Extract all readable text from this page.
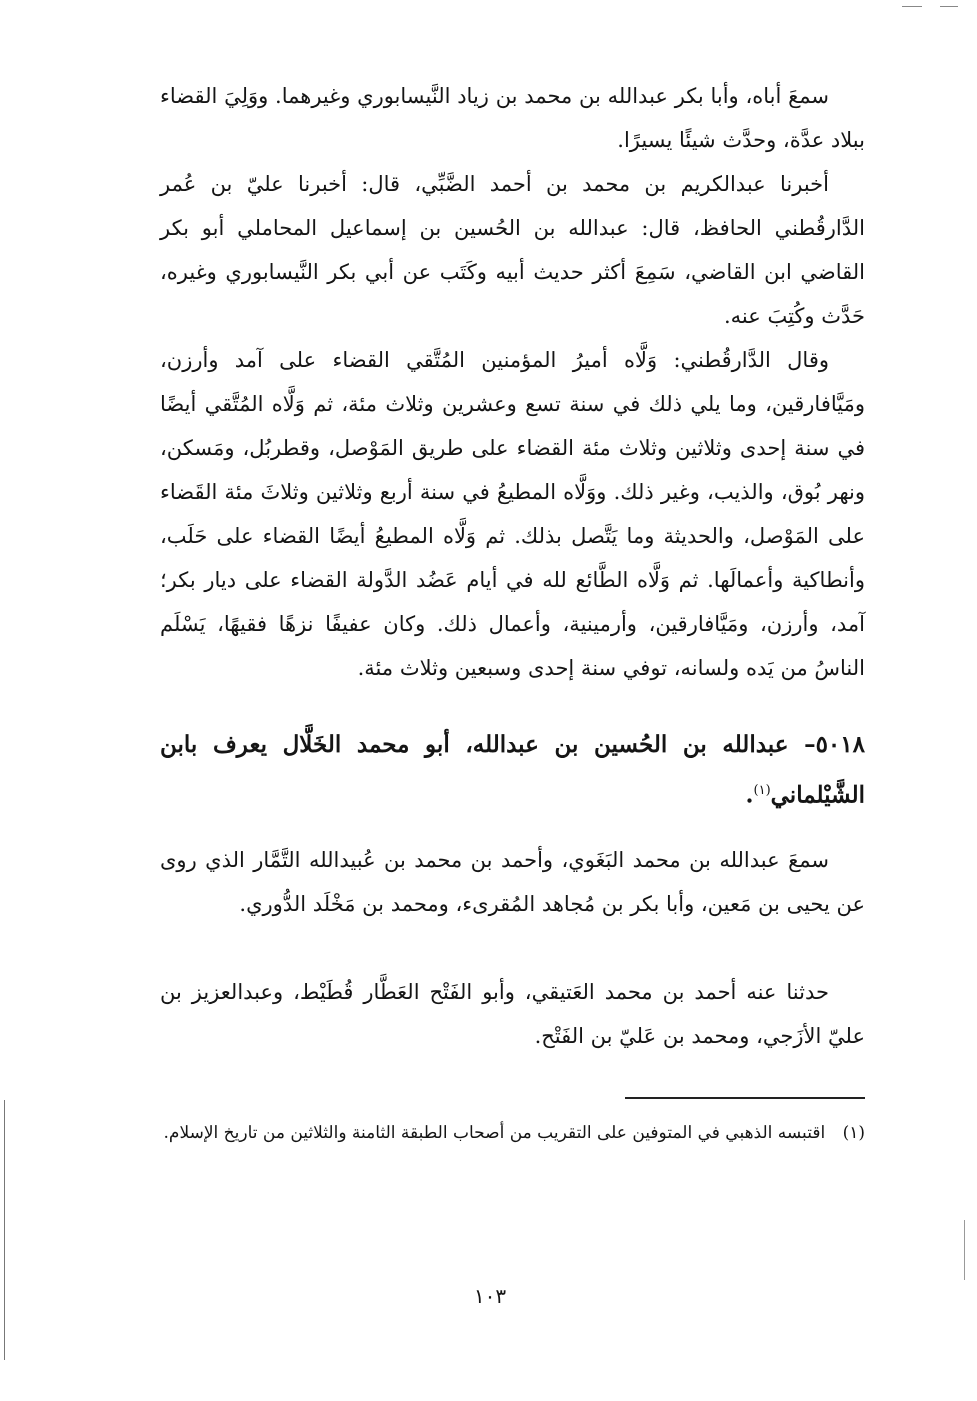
سمعَ أباه، وأبا بكر عبدالله بن محمد بن زياد النَّيسابوري وغيرهما. ووَلِيَ القضاء ببلاد عدَّة، وحدَّث شيئًا يسيرًا.

أخبرنا عبدالكريم بن محمد بن أحمد الضَّبِّي، قال: أخبرنا عليّ بن عُمر الدَّارقُطني الحافظ، قال: عبدالله بن الحُسين بن إسماعيل المحاملي أبو بكر القاضي ابن القاضي، سَمِعَ أكثر حديث أبيه وكَتَب عن أبي بكر النَّيسابوري وغيره، حَدَّث وكُتِبَ عنه.

وقال الدَّارقُطني: وَلَّاه أميرُ المؤمنين المُتَّقي القضاء على آمد وأرزن، ومَيَّافارقين، وما يلي ذلك في سنة تسع وعشرين وثلاث مئة، ثم وَلَّاه المُتَّقي أيضًا في سنة إحدى وثلاثين وثلاث مئة القضاء على طريق المَوْصل، وقطربُل، ومَسكن، ونهر بُوق، والذيب، وغير ذلك. ووَلَّاه المطيعُ في سنة أربع وثلاثين وثلاثَ مئة القَضاء على المَوْصل، والحديثة وما يَتَّصل بذلك. ثم وَلَّاه المطيعُ أيضًا القضاء على حَلَب، وأنطاكية وأعمالَها. ثم وَلَّاه الطَّائع لله في أيام عَضُد الدَّولة القضاء على ديار بكر؛ آمد، وأرزن، ومَيَّافارقين، وأرمينية، وأعمال ذلك. وكان عفيفًا نزهًا فقيهًا، يَسْلَم الناسُ من يَده ولسانه، توفي سنة إحدى وسبعين وثلاث مئة.

٥٠١٨– عبدالله بن الحُسين بن عبدالله، أبو محمد الخَلَّال يعرف بابن الشَّيْلماني$^{(١)}$.

سمعَ عبدالله بن محمد البَغَوي، وأحمد بن محمد بن عُبيدالله التَّمَّار الذي روى عن يحيى بن مَعين، وأبا بكر بن مُجاهد المُقرىء، ومحمد بن مَخْلَد الدُّوري.

حدثنا عنه أحمد بن محمد العَتيقي، وأبو الفَتْح العَطَّار قُطَيْط، وعبدالعزيز بن عليّ الأزَجي، ومحمد بن عَليّ بن الفَتْح.

(١) اقتبسه الذهبي في المتوفين على التقريب من أصحاب الطبقة الثامنة والثلاثين من تاريخ الإسلام.
١٠٣
